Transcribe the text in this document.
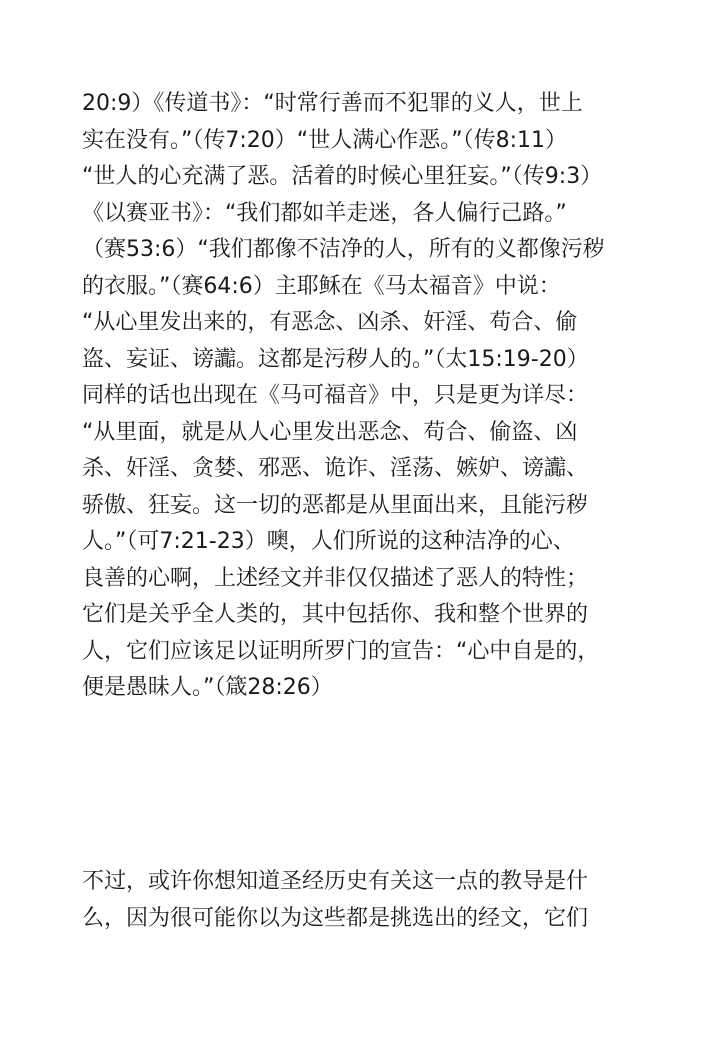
20:9）《传道书》：“时常行善而不犯罪的义人，世上
实在没有。”（传7:20）“世人满心作恶。”（传8:11）
“世人的心充满了恶。活着的时候心里狂妄。”（传9:3）
《以赛亚书》：“我们都如羊走迷，各人偏行己路。”
（赛53:6）“我们都像不洁净的人，所有的义都像污秽
的衣服。”（赛64:6）主耶稣在《马太福音》中说：
“从心里发出来的，有恶念、凶杀、奸淫、苟合、偷
盗、妄证、谤讟。这都是污秽人的。”（太15:19-20）
同样的话也出现在《马可福音》中，只是更为详尽：
“从里面，就是从人心里发出恶念、苟合、偷盗、凶
杀、奸淫、贪婪、邪恶、诡诈、淫荡、嫉妒、谤讟、
骄傲、狂妄。这一切的恶都是从里面出来，且能污秽
人。”（可7:21-23）噢，人们所说的这种洁净的心、
良善的心啊，上述经文并非仅仅描述了恶人的特性；
它们是关乎全人类的，其中包括你、我和整个世界的
人，它们应该足以证明所罗门的宣告：“心中自是的，
便是愚昧人。”（箴28:26）
不过，或许你想知道圣经历史有关这一点的教导是什
么，因为很可能你以为这些都是挑选出的经文，它们
